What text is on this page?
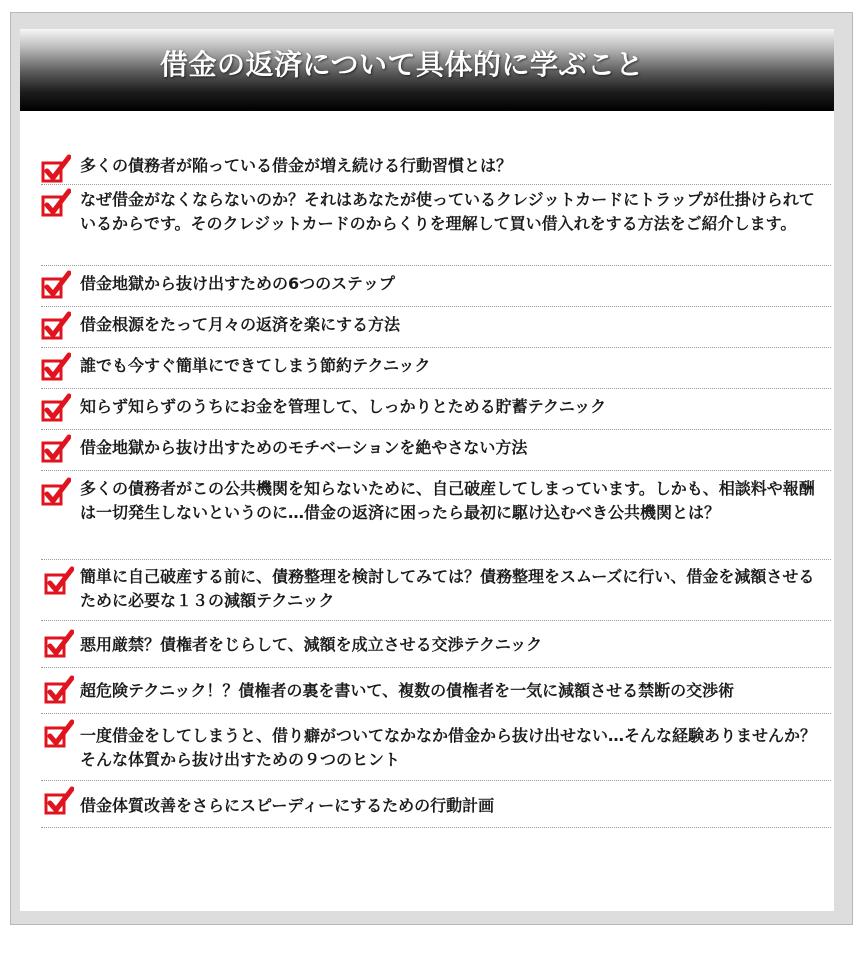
借金の返済について具体的に学ぶこと
多くの債務者が陥っている借金が増え続ける行動習慣とは？
なぜ借金がなくならないのか？それはあなたが使っているクレジットカードにトラップが仕掛けられているからです。そのクレジットカードのからくりを理解して買い借入れをする方法をご紹介します。
借金地獄から抜け出すための6つのステップ
借金根源をたって月々の返済を楽にする方法
誰でも今すぐ簡単にできてしまう節約テクニック
知らず知らずのうちにお金を管理して、しっかりとためる貯蓄テクニック
借金地獄から抜け出すためのモチベーションを絶やさない方法
多くの債務者がこの公共機関を知らないために、自己破産してしまっています。しかも、相談料や報酬は一切発生しないというのに…借金の返済に困ったら最初に駆け込むべき公共機関とは？
簡単に自己破産する前に、債務整理を検討してみては？債務整理をスムーズに行い、借金を減額させるために必要な１３の減額テクニック
悪用厳禁？債権者をじらして、減額を成立させる交渉テクニック
超危険テクニック！？債権者の裏を書いて、複数の債権者を一気に減額させる禁断の交渉術
一度借金をしてしまうと、借り癖がついてなかなか借金から抜け出せない…そんな経験ありませんか？そんな体質から抜け出すための９つのヒント
借金体質改善をさらにスピーディーにするための行動計画
